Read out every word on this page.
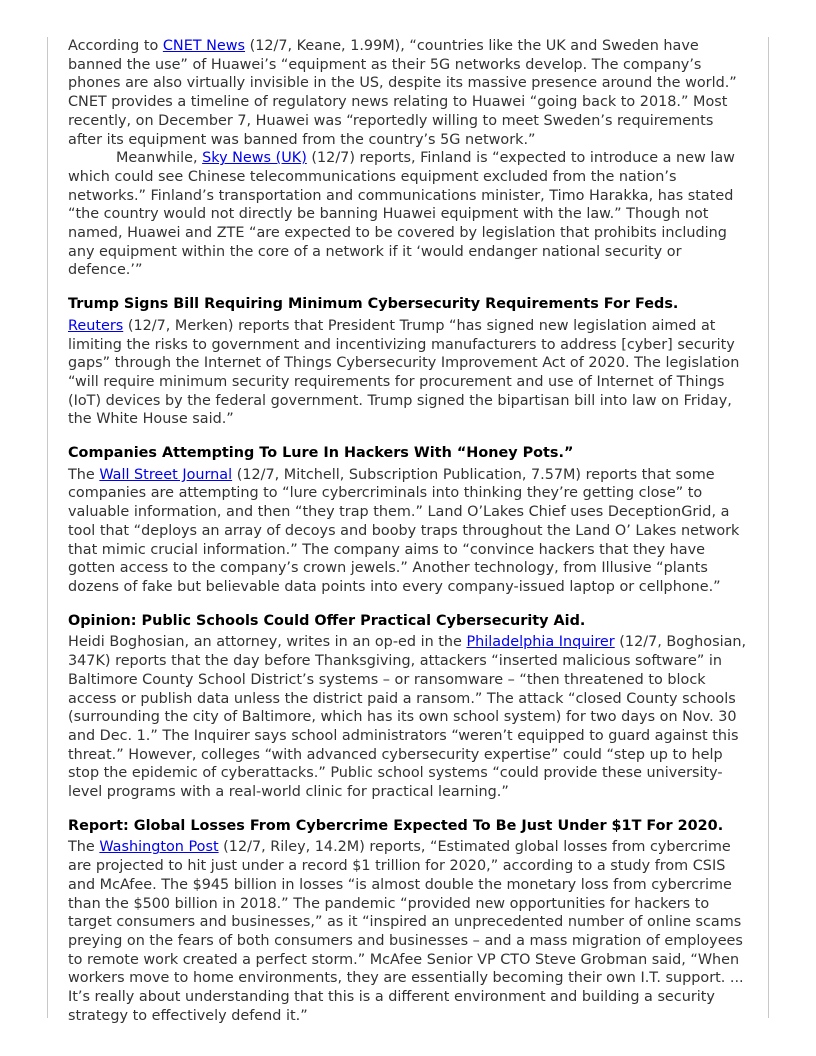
According to CNET News (12/7, Keane, 1.99M), “countries like the UK and Sweden have banned the use” of Huawei’s “equipment as their 5G networks develop. The company’s phones are also virtually invisible in the US, despite its massive presence around the world.” CNET provides a timeline of regulatory news relating to Huawei “going back to 2018.” Most recently, on December 7, Huawei was “reportedly willing to meet Sweden’s requirements after its equipment was banned from the country’s 5G network.”

Meanwhile, Sky News (UK) (12/7) reports, Finland is “expected to introduce a new law which could see Chinese telecommunications equipment excluded from the nation’s networks.” Finland’s transportation and communications minister, Timo Harakka, has stated “the country would not directly be banning Huawei equipment with the law.” Though not named, Huawei and ZTE “are expected to be covered by legislation that prohibits including any equipment within the core of a network if it ‘would endanger national security or defence.’”

Trump Signs Bill Requiring Minimum Cybersecurity Requirements For Feds.

Reuters (12/7, Merken) reports that President Trump “has signed new legislation aimed at limiting the risks to government and incentivizing manufacturers to address [cyber] security gaps” through the Internet of Things Cybersecurity Improvement Act of 2020. The legislation “will require minimum security requirements for procurement and use of Internet of Things (IoT) devices by the federal government. Trump signed the bipartisan bill into law on Friday, the White House said.”

Companies Attempting To Lure In Hackers With “Honey Pots.”

The Wall Street Journal (12/7, Mitchell, Subscription Publication, 7.57M) reports that some companies are attempting to “lure cybercriminals into thinking they’re getting close” to valuable information, and then “they trap them.” Land O’Lakes Chief uses DeceptionGrid, a tool that “deploys an array of decoys and booby traps throughout the Land O’ Lakes network that mimic crucial information.” The company aims to “convince hackers that they have gotten access to the company’s crown jewels.” Another technology, from Illusive “plants dozens of fake but believable data points into every company-issued laptop or cellphone.”

Opinion: Public Schools Could Offer Practical Cybersecurity Aid.

Heidi Boghosian, an attorney, writes in an op-ed in the Philadelphia Inquirer (12/7, Boghosian, 347K) reports that the day before Thanksgiving, attackers “inserted malicious software” in Baltimore County School District’s systems – or ransomware – “then threatened to block access or publish data unless the district paid a ransom.” The attack “closed County schools (surrounding the city of Baltimore, which has its own school system) for two days on Nov. 30 and Dec. 1.” The Inquirer says school administrators “weren’t equipped to guard against this threat.” However, colleges “with advanced cybersecurity expertise” could “step up to help stop the epidemic of cyberattacks.” Public school systems “could provide these university-level programs with a real-world clinic for practical learning.”

Report: Global Losses From Cybercrime Expected To Be Just Under $1T For 2020.

The Washington Post (12/7, Riley, 14.2M) reports, “Estimated global losses from cybercrime are projected to hit just under a record $1 trillion for 2020,” according to a study from CSIS and McAfee. The $945 billion in losses “is almost double the monetary loss from cybercrime than the $500 billion in 2018.” The pandemic “provided new opportunities for hackers to target consumers and businesses,” as it “inspired an unprecedented number of online scams preying on the fears of both consumers and businesses – and a mass migration of employees to remote work created a perfect storm.” McAfee Senior VP CTO Steve Grobman said, “When workers move to home environments, they are essentially becoming their own I.T. support. ... It’s really about understanding that this is a different environment and building a security strategy to effectively defend it.”
